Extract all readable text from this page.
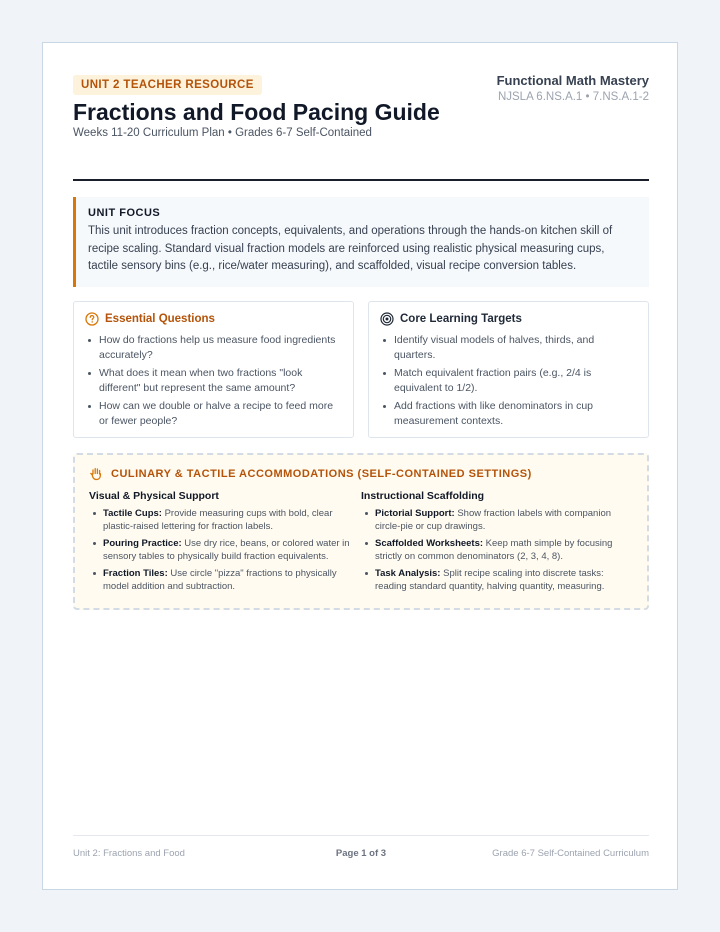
UNIT 2 TEACHER RESOURCE
Fractions and Food Pacing Guide
Weeks 11-20 Curriculum Plan • Grades 6-7 Self-Contained
Functional Math Mastery
NJSLA 6.NS.A.1 • 7.NS.A.1-2
UNIT FOCUS

This unit introduces fraction concepts, equivalents, and operations through the hands-on kitchen skill of recipe scaling. Standard visual fraction models are reinforced using realistic physical measuring cups, tactile sensory bins (e.g., rice/water measuring), and scaffolded, visual recipe conversion tables.

Essential Questions
How do fractions help us measure food ingredients accurately?
What does it mean when two fractions "look different" but represent the same amount?
How can we double or halve a recipe to feed more or fewer people?
Core Learning Targets
Identify visual models of halves, thirds, and quarters.
Match equivalent fraction pairs (e.g., 2/4 is equivalent to 1/2).
Add fractions with like denominators in cup measurement contexts.
CULINARY & TACTILE ACCOMMODATIONS (SELF-CONTAINED SETTINGS)
Visual & Physical Support
Tactile Cups: Provide measuring cups with bold, clear plastic-raised lettering for fraction labels.
Pouring Practice: Use dry rice, beans, or colored water in sensory tables to physically build fraction equivalents.
Fraction Tiles: Use circle "pizza" fractions to physically model addition and subtraction.
Instructional Scaffolding
Pictorial Support: Show fraction labels with companion circle-pie or cup drawings.
Scaffolded Worksheets: Keep math simple by focusing strictly on common denominators (2, 3, 4, 8).
Task Analysis: Split recipe scaling into discrete tasks: reading standard quantity, halving quantity, measuring.
Unit 2: Fractions and Food	Page 1 of 3	Grade 6-7 Self-Contained Curriculum
